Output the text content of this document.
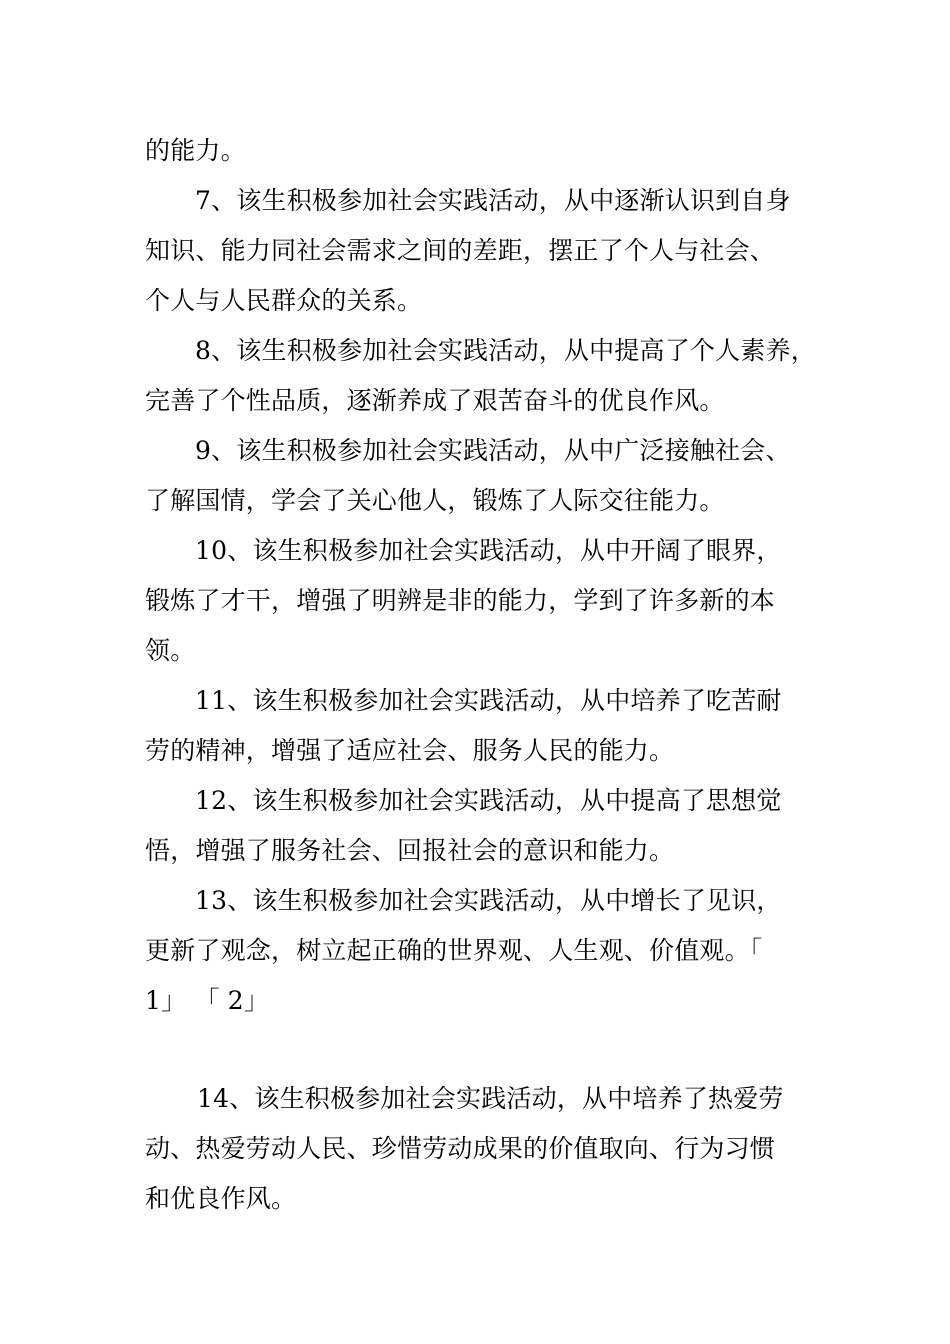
的能力。
7、该生积极参加社会实践活动，从中逐渐认识到自身
知识、能力同社会需求之间的差距，摆正了个人与社会、
个人与人民群众的关系。
8、该生积极参加社会实践活动，从中提高了个人素养，
完善了个性品质，逐渐养成了艰苦奋斗的优良作风。
9、该生积极参加社会实践活动，从中广泛接触社会、
了解国情，学会了关心他人，锻炼了人际交往能力。
10、该生积极参加社会实践活动，从中开阔了眼界，
锻炼了才干，增强了明辨是非的能力，学到了许多新的本
领。
11、该生积极参加社会实践活动，从中培养了吃苦耐
劳的精神，增强了适应社会、服务人民的能力。
12、该生积极参加社会实践活动，从中提高了思想觉
悟，增强了服务社会、回报社会的意识和能力。
13、该生积极参加社会实践活动，从中增长了见识，
更新了观念，树立起正确的世界观、人生观、价值观。「
1」 「 2」
14、该生积极参加社会实践活动，从中培养了热爱劳
动、热爱劳动人民、珍惜劳动成果的价值取向、行为习惯
和优良作风。
